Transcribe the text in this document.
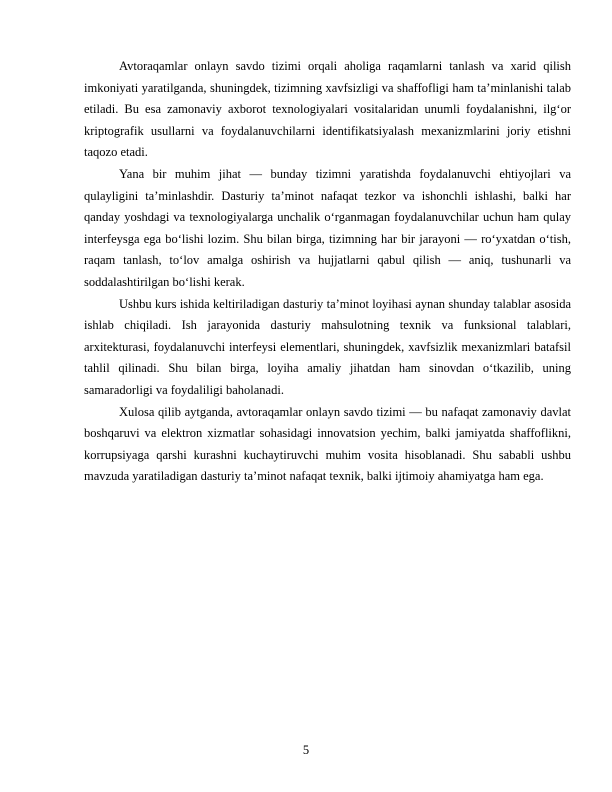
Avtoraqamlar onlayn savdo tizimi orqali aholiga raqamlarni tanlash va xarid qilish imkoniyati yaratilganda, shuningdek, tizimning xavfsizligi va shaffofligi ham ta’minlanishi talab etiladi. Bu esa zamonaviy axborot texnologiyalari vositalaridan unumli foydalanishni, ilg‘or kriptografik usullarni va foydalanuvchilarni identifikatsiyalash mexanizmlarini joriy etishni taqozo etadi.

Yana bir muhim jihat — bunday tizimni yaratishda foydalanuvchi ehtiyojlari va qulayligini ta’minlashdir. Dasturiy ta’minot nafaqat tezkor va ishonchli ishlashi, balki har qanday yoshdagi va texnologiyalarga unchalik o‘rganmagan foydalanuvchilar uchun ham qulay interfeysga ega bo‘lishi lozim. Shu bilan birga, tizimning har bir jarayoni — ro‘yxatdan o‘tish, raqam tanlash, to‘lov amalga oshirish va hujjatlarni qabul qilish — aniq, tushunarli va soddalashtirilgan bo‘lishi kerak.

Ushbu kurs ishida keltiriladigan dasturiy ta’minot loyihasi aynan shunday talablar asosida ishlab chiqiladi. Ish jarayonida dasturiy mahsulotning texnik va funksional talablari, arxitekturasi, foydalanuvchi interfeysi elementlari, shuningdek, xavfsizlik mexanizmlari batafsil tahlil qilinadi. Shu bilan birga, loyiha amaliy jihatdan ham sinovdan o‘tkazilib, uning samaradorligi va foydaliligi baholanadi.

Xulosa qilib aytganda, avtoraqamlar onlayn savdo tizimi — bu nafaqat zamonaviy davlat boshqaruvi va elektron xizmatlar sohasidagi innovatsion yechim, balki jamiyatda shaffoflikni, korrupsiyaga qarshi kurashni kuchaytiruvchi muhim vosita hisoblanadi. Shu sababli ushbu mavzuda yaratiladigan dasturiy ta’minot nafaqat texnik, balki ijtimoiy ahamiyatga ham ega.

5
